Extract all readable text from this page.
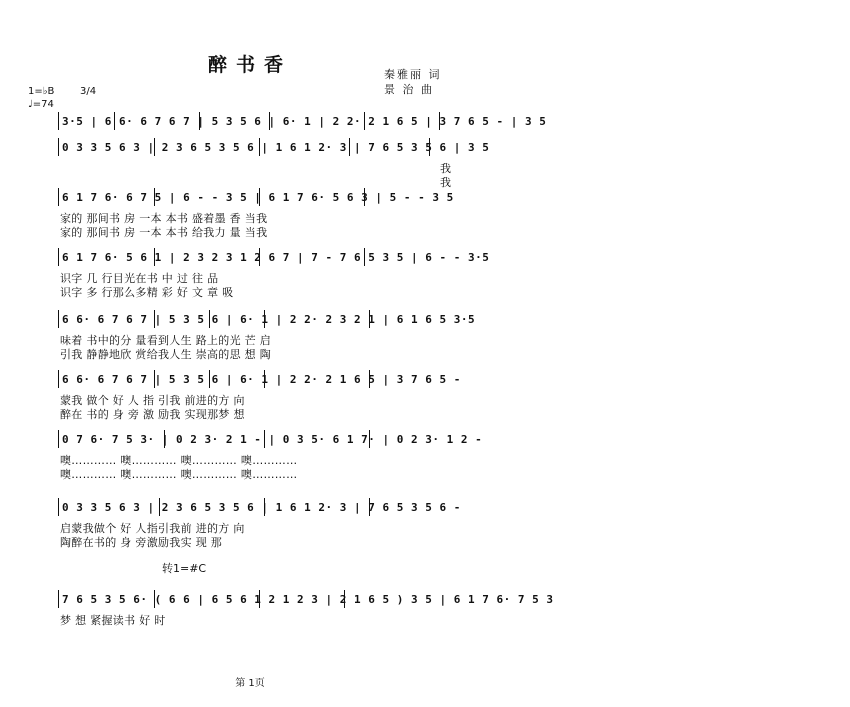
醉书香	秦雅丽 词
景 治 曲
1=♭B	3/4
♩=74
3·5 | 6 6· 6 7 6 7 | 5 3 5 6 | 6· 1 | 2 2· 2 1 6 5 | 3 7 6 5 - | 3 5
0 3 3 5 6 3 | 2 3 6 5 3 5 6 | 1 6 1 2· 3 | 7 6 5 3 5 6 | 3 5
我
我
6 1 7 6· 6 7 5 | 6 - - 3 5 | 6 1 7 6· 5 6 3 | 5 - - 3 5
家的 那间书 房 一本 本书 盛着墨 香 当我
家的 那间书 房 一本 本书 给我力 量 当我
6 1 7 6· 5 6 1 | 2 3 2 3 1 2 6 7 | 7 - 7 6 5 3 5 | 6 - - 3·5
识字 几 行目光在书 中 过 往 品
识字 多 行那么多精 彩 好 文 章 吸
6 6· 6 7 6 7 | 5 3 5 6 | 6· 1 | 2 2· 2 3 2 1 | 6 1 6 5 3·5
味着 书中的分 量看到人生 路上的光 芒 启
引我 静静地欣 赏给我人生 崇高的思 想 陶
6 6· 6 7 6 7 | 5 3 5 6 | 6· 1 | 2 2· 2 1 6 5 | 3 7 6 5 -
蒙我 做个 好 人 指 引我 前进的方 向
醉在 书的 身 旁 激 励我 实现那梦 想
0 7 6· 7 5 3· | 0 2 3· 2 1 - | 0 3 5· 6 1 7· | 0 2 3· 1 2 -
噢………… 噢………… 噢………… 噢…………
噢………… 噢………… 噢………… 噢…………
0 3 3 5 6 3 | 2 3 6 5 3 5 6 | 1 6 1 2· 3 | 7 6 5 3 5 6 -
启蒙我做个 好 人指引我前 进的方 向
陶醉在书的 身 旁激励我实 现 那
转1=#C
7 6 5 3 5 6· ( 6 6 | 6 5 6 1 2 1 2 3 | 2 1 6 5 ) 3 5 | 6 1 7 6· 7 5 3
梦 想 紧握读书 好 时
第 1页
